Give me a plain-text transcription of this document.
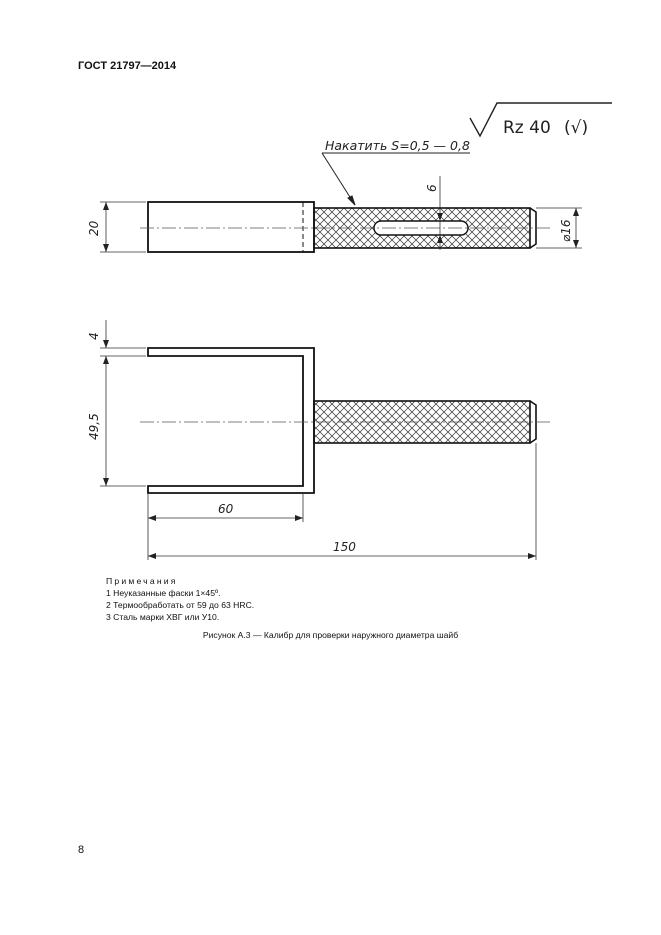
ГОСТ 21797—2014
Rz 40 (√)
Накатить S=0,5 — 0,8
20
6
⌀16
4
49,5
60
150
Примечания
1 Неуказанные фаски 1×45º.
2 Термообработать от 59 до 63 HRC.
3 Сталь марки ХВГ или У10.
Рисунок А.3 — Калибр для проверки наружного диаметра шайб
8
